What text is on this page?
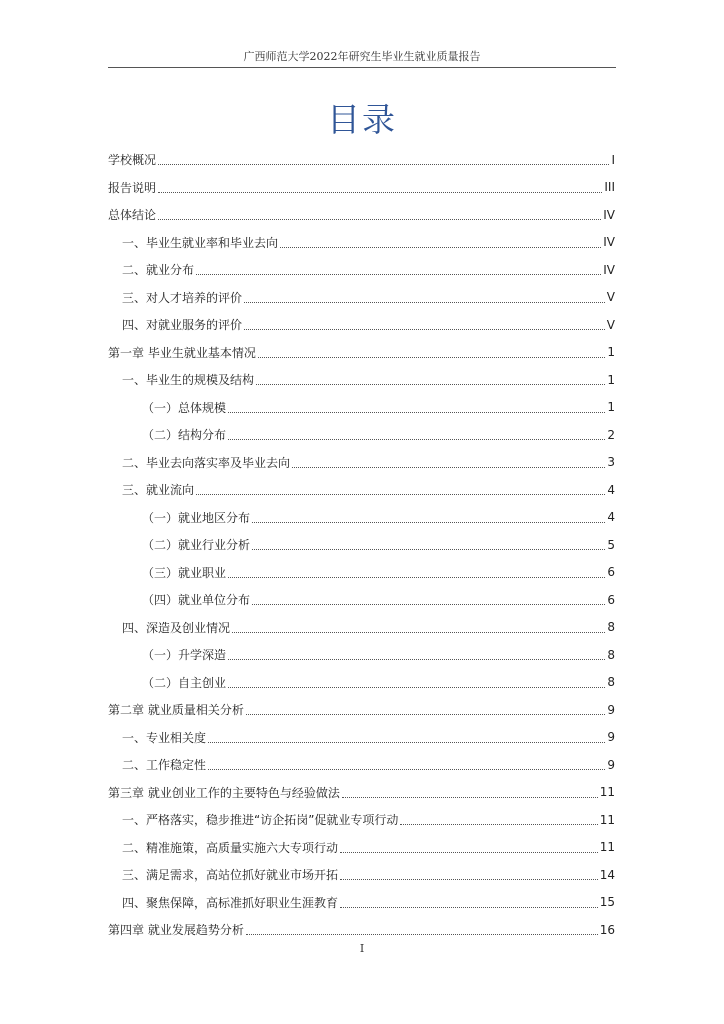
广西师范大学2022年研究生毕业生就业质量报告
目录
学校概况	I
报告说明	III
总体结论	IV
一、毕业生就业率和毕业去向	IV
二、就业分布	IV
三、对人才培养的评价	V
四、对就业服务的评价	V
第一章 毕业生就业基本情况	1
一、毕业生的规模及结构	1
（一）总体规模	1
（二）结构分布	2
二、毕业去向落实率及毕业去向	3
三、就业流向	4
（一）就业地区分布	4
（二）就业行业分析	5
（三）就业职业	6
（四）就业单位分布	6
四、深造及创业情况	8
（一）升学深造	8
（二）自主创业	8
第二章 就业质量相关分析	9
一、专业相关度	9
二、工作稳定性	9
第三章 就业创业工作的主要特色与经验做法	11
一、严格落实，稳步推进“访企拓岗”促就业专项行动	11
二、精准施策，高质量实施六大专项行动	11
三、满足需求，高站位抓好就业市场开拓	14
四、聚焦保障，高标准抓好职业生涯教育	15
第四章 就业发展趋势分析	16
I
